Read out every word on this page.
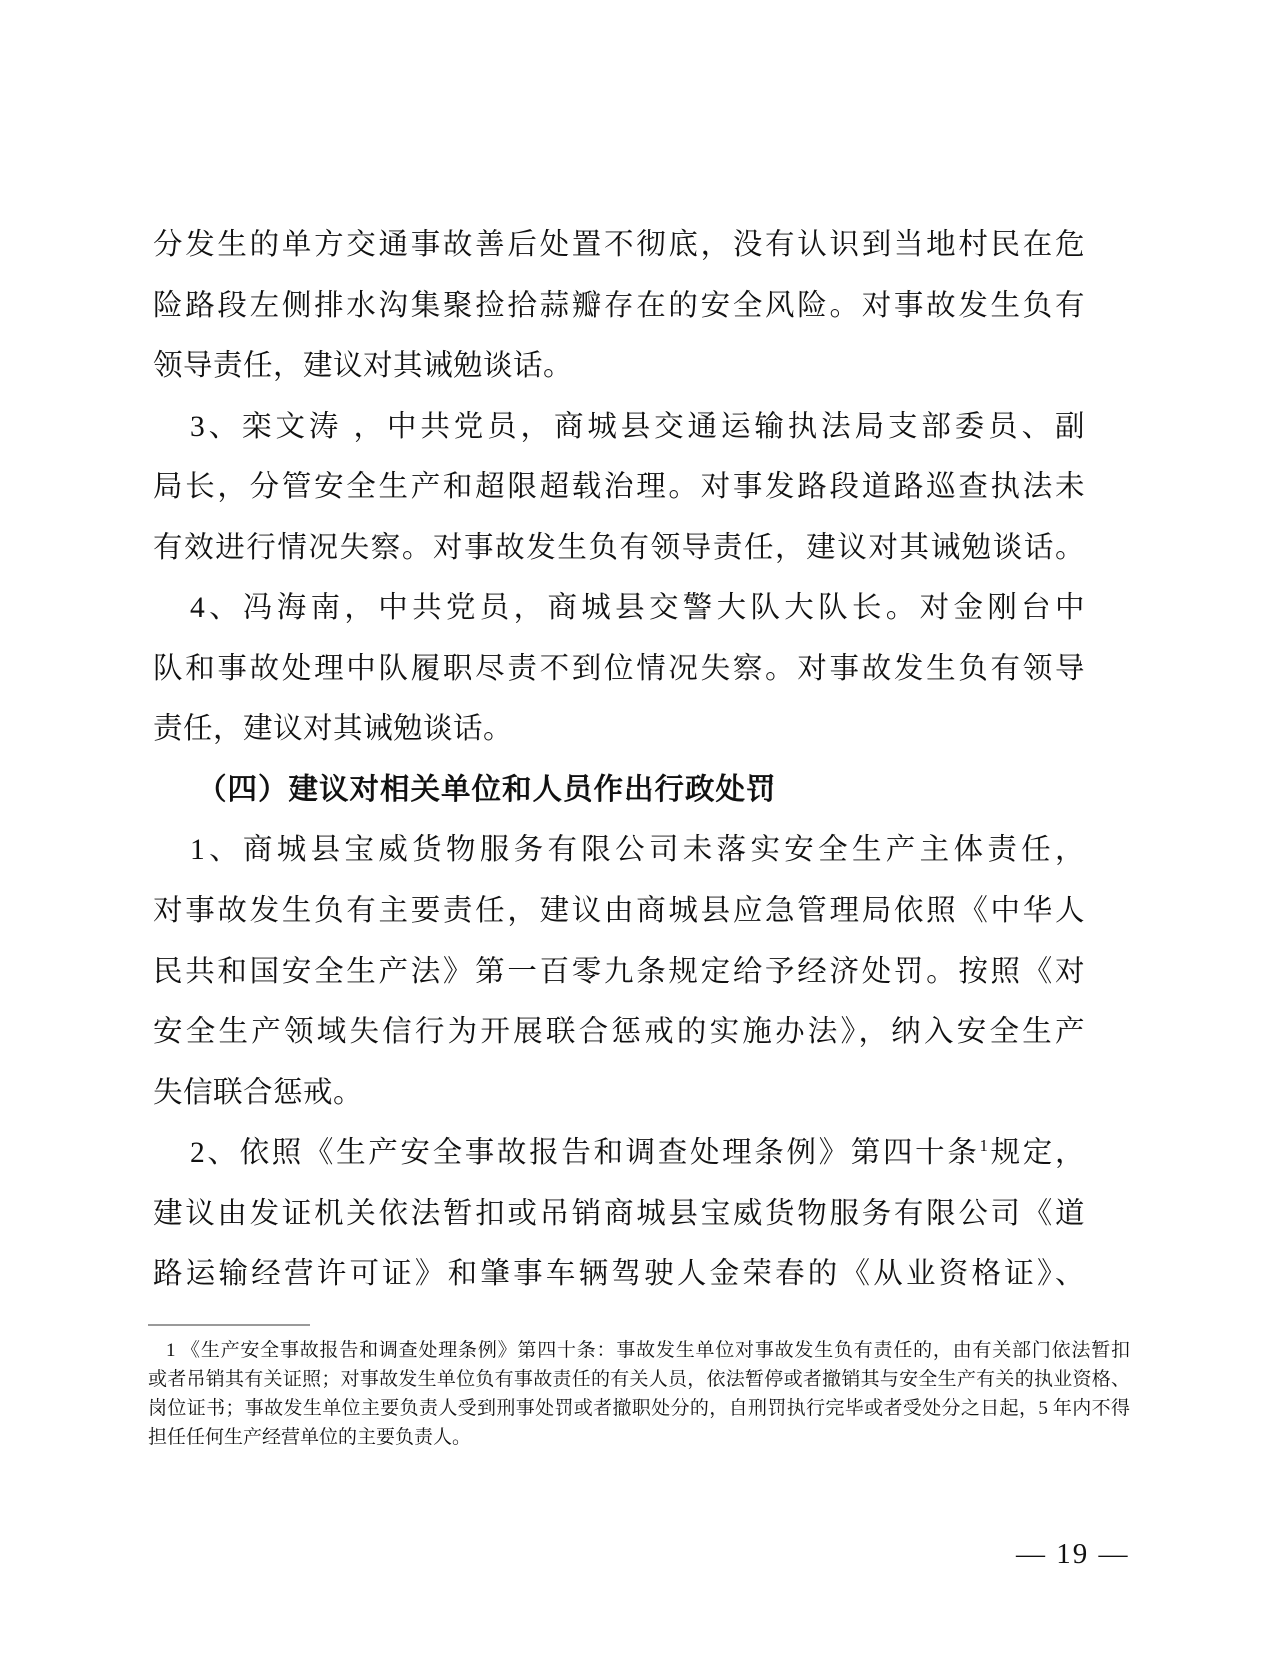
分发生的单方交通事故善后处置不彻底，没有认识到当地村民在危
险路段左侧排水沟集聚捡拾蒜瓣存在的安全风险。对事故发生负有
领导责任，建议对其诫勉谈话。
3、栾文涛 ，中共党员，商城县交通运输执法局支部委员、副
局长，分管安全生产和超限超载治理。对事发路段道路巡查执法未
有效进行情况失察。对事故发生负有领导责任，建议对其诫勉谈话。
4、冯海南，中共党员，商城县交警大队大队长。对金刚台中
队和事故处理中队履职尽责不到位情况失察。对事故发生负有领导
责任，建议对其诫勉谈话。
（四）建议对相关单位和人员作出行政处罚
1、商城县宝威货物服务有限公司未落实安全生产主体责任，
对事故发生负有主要责任，建议由商城县应急管理局依照《中华人
民共和国安全生产法》第一百零九条规定给予经济处罚。按照《对
安全生产领域失信行为开展联合惩戒的实施办法》，纳入安全生产
失信联合惩戒。
2、依照《生产安全事故报告和调查处理条例》第四十条$^1$规定，
建议由发证机关依法暂扣或吊销商城县宝威货物服务有限公司《道
路运输经营许可证》和肇事车辆驾驶人金荣春的《从业资格证》、
1 《生产安全事故报告和调查处理条例》第四十条：事故发生单位对事故发生负有责任的，由有关部门依法暂扣
或者吊销其有关证照；对事故发生单位负有事故责任的有关人员，依法暂停或者撤销其与安全生产有关的执业资格、
岗位证书；事故发生单位主要负责人受到刑事处罚或者撤职处分的，自刑罚执行完毕或者受处分之日起，5 年内不得
担任任何生产经营单位的主要负责人。
— 19 —
